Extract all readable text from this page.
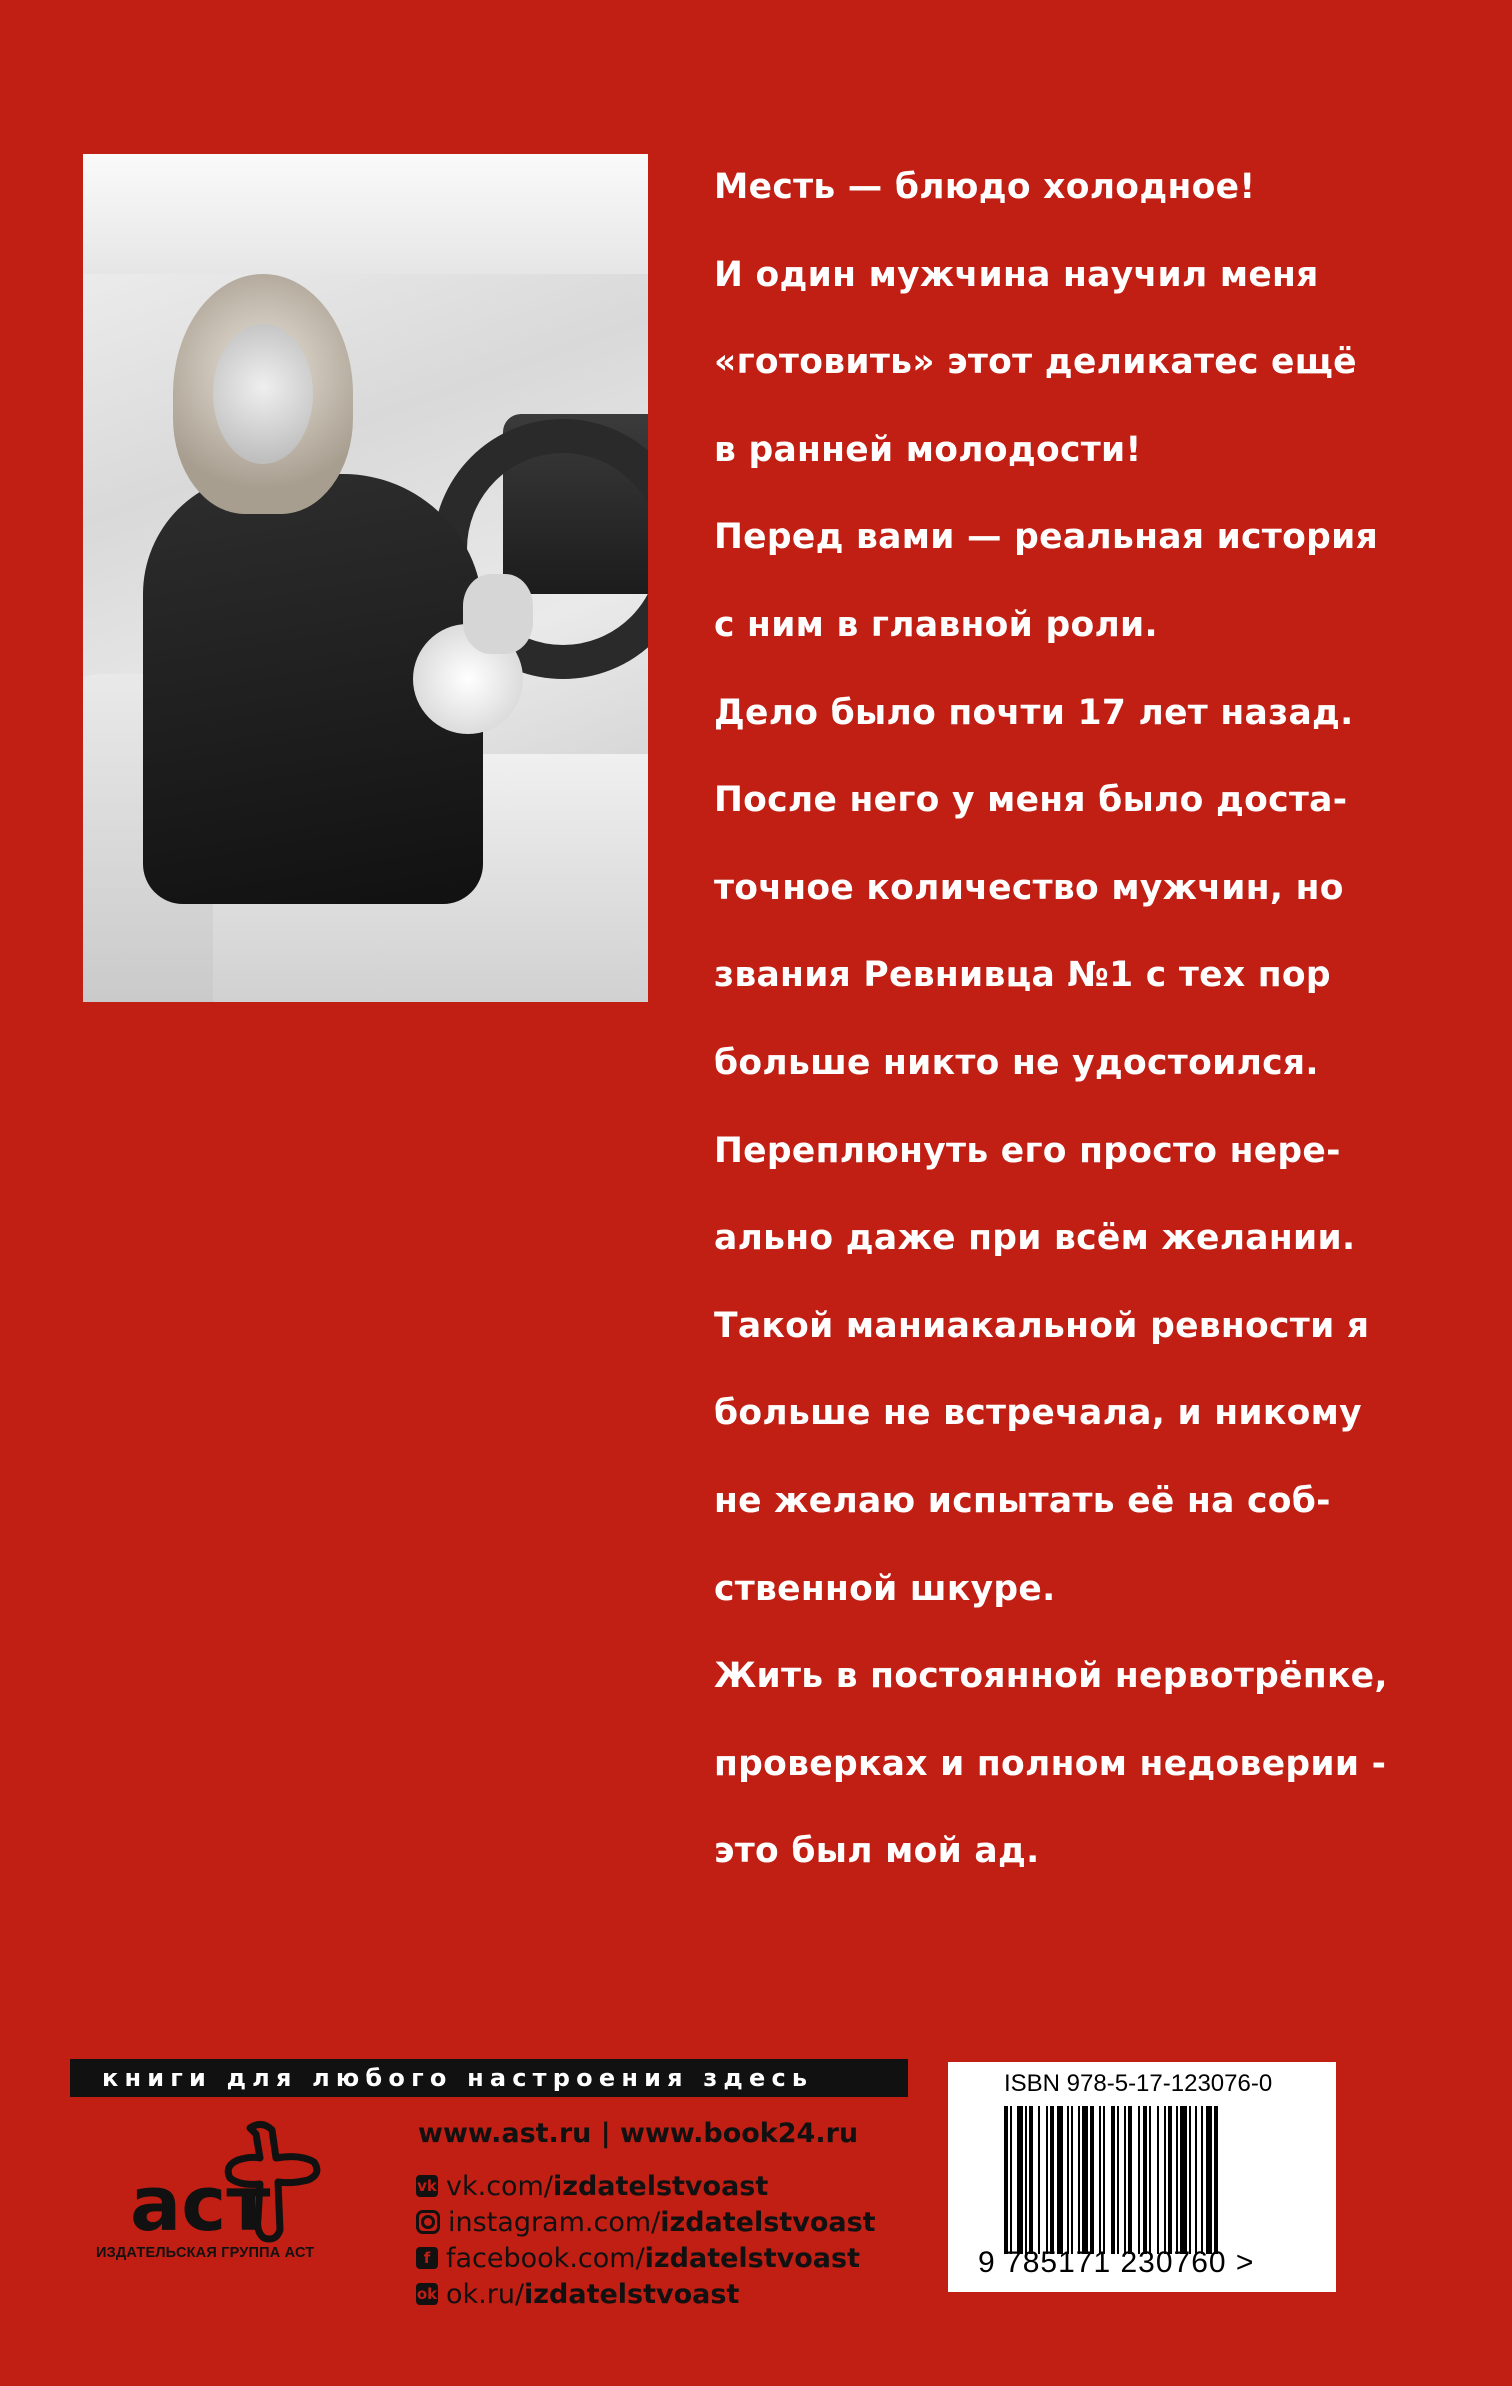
Месть — блюдо холодное!
И один мужчина научил меня
«готовить» этот деликатес ещё
в ранней молодости!
Перед вами — реальная история
с ним в главной роли.
Дело было почти 17 лет назад.
После него у меня было доста-
точное количество мужчин, но
звания Ревнивца №1 с тех пор
больше никто не удостоился.
Переплюнуть его просто нере-
ально даже при всём желании.
Такой маниакальной ревности я
больше не встречала, и никому
не желаю испытать её на соб-
ственной шкуре.
Жить в постоянной нервотрёпке,
проверках и полном недоверии -
это был мой ад.
книги для любого настроения здесь
аст
ИЗДАТЕЛЬСКАЯ ГРУППА АСТ
www.ast.ru | www.book24.ru
vk vk.com/ izdatelstvoast
instagram.com/ izdatelstvoast
f facebook.com/ izdatelstvoast
ok ok.ru/ izdatelstvoast
ISBN 978-5-17-123076-0
9 785171 230760 >
